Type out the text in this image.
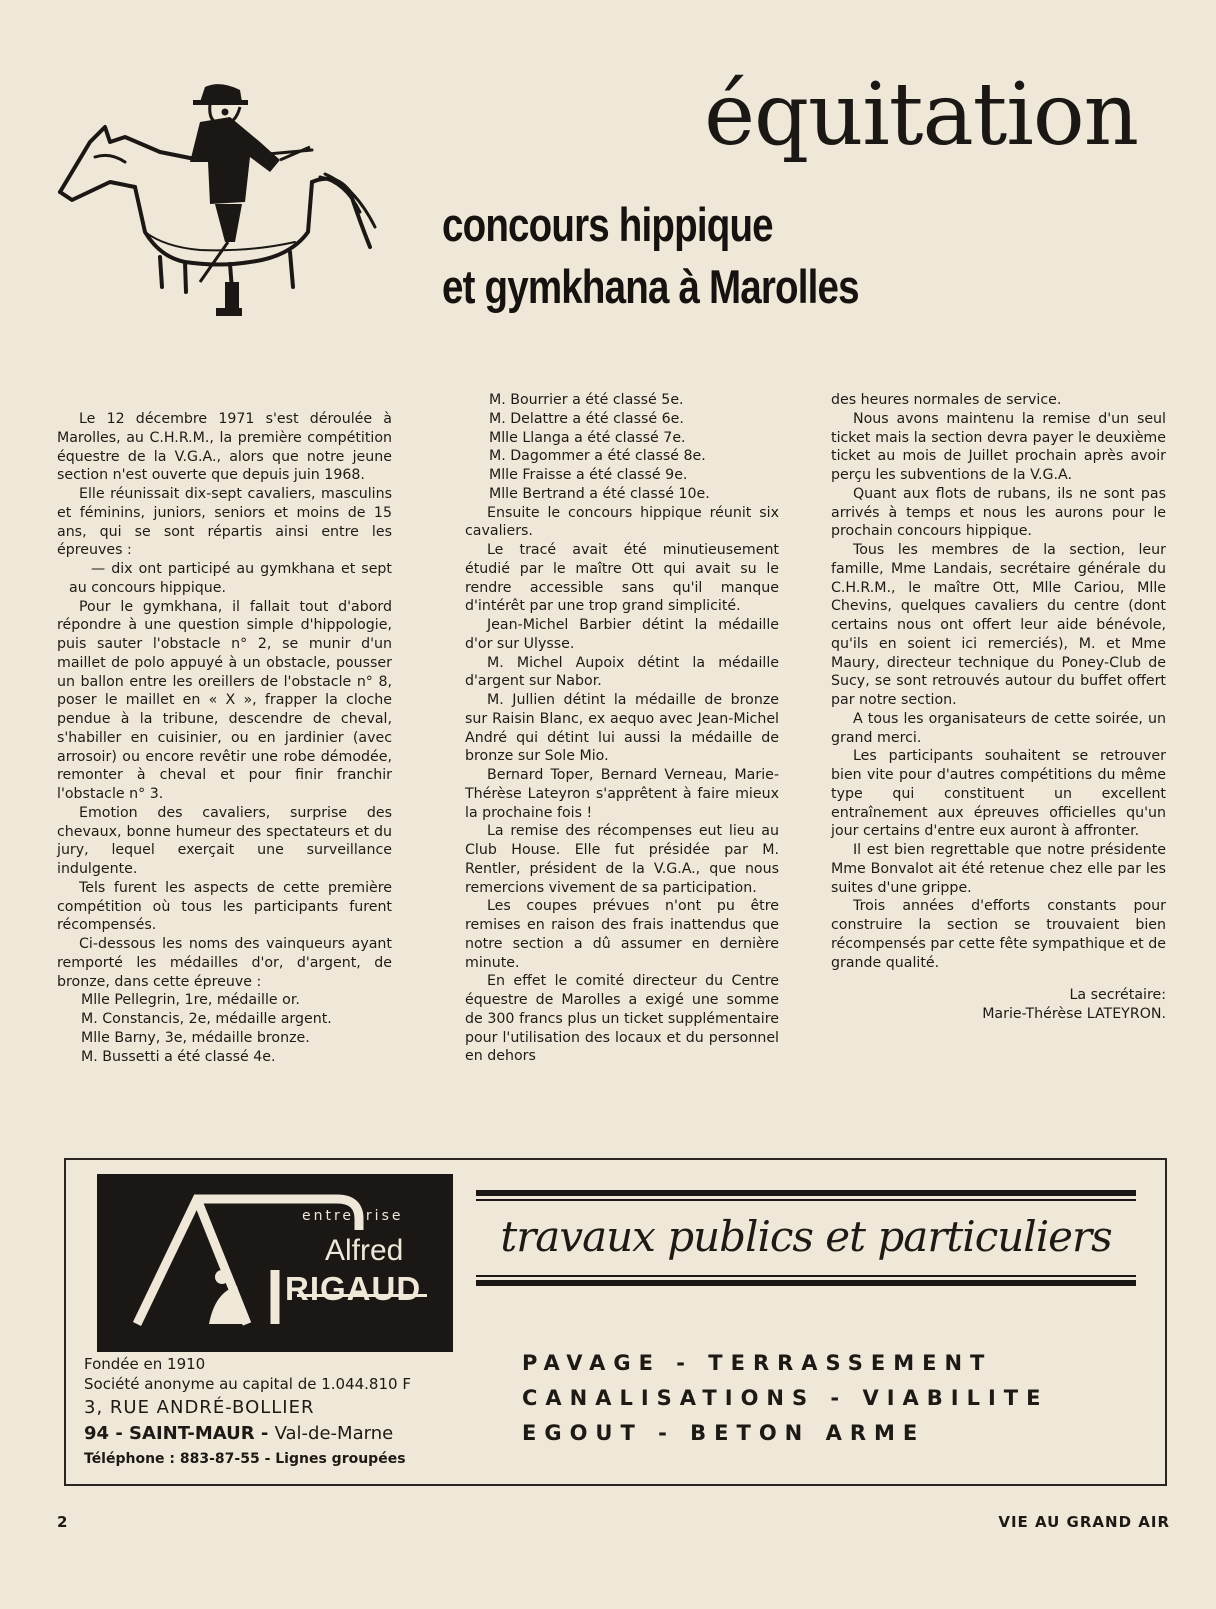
équitation
concours hippique
et gymkhana à Marolles

Le 12 décembre 1971 s'est déroulée à Marolles, au C.H.R.M., la première compétition équestre de la V.G.A., alors que notre jeune section n'est ouverte que depuis juin 1968.

Elle réunissait dix-sept cavaliers, masculins et féminins, juniors, seniors et moins de 15 ans, qui se sont répartis ainsi entre les épreuves :

— dix ont participé au gymkhana et sept au concours hippique.

Pour le gymkhana, il fallait tout d'abord répondre à une question simple d'hippologie, puis sauter l'obstacle n° 2, se munir d'un maillet de polo appuyé à un obstacle, pousser un ballon entre les oreillers de l'obstacle n° 8, poser le maillet en « X », frapper la cloche pendue à la tribune, descendre de cheval, s'habiller en cuisinier, ou en jardinier (avec arrosoir) ou encore revêtir une robe démodée, remonter à cheval et pour finir franchir l'obstacle n° 3.

Emotion des cavaliers, surprise des chevaux, bonne humeur des spectateurs et du jury, lequel exerçait une surveillance indulgente.

Tels furent les aspects de cette première compétition où tous les participants furent récompensés.

Ci-dessous les noms des vainqueurs ayant remporté les médailles d'or, d'argent, de bronze, dans cette épreuve :

Mlle Pellegrin, 1re, médaille or.

M. Constancis, 2e, médaille argent.

Mlle Barny, 3e, médaille bronze.

M. Bussetti a été classé 4e.

M. Bourrier a été classé 5e.

M. Delattre a été classé 6e.

Mlle Llanga a été classé 7e.

M. Dagommer a été classé 8e.

Mlle Fraisse a été classé 9e.

Mlle Bertrand a été classé 10e.

Ensuite le concours hippique réunit six cavaliers.

Le tracé avait été minutieusement étudié par le maître Ott qui avait su le rendre accessible sans qu'il manque d'intérêt par une trop grand simplicité.

Jean-Michel Barbier détint la médaille d'or sur Ulysse.

M. Michel Aupoix détint la médaille d'argent sur Nabor.

M. Jullien détint la médaille de bronze sur Raisin Blanc, ex aequo avec Jean-Michel André qui détint lui aussi la médaille de bronze sur Sole Mio.

Bernard Toper, Bernard Verneau, Marie-Thérèse Lateyron s'apprêtent à faire mieux la prochaine fois !

La remise des récompenses eut lieu au Club House. Elle fut présidée par M. Rentler, président de la V.G.A., que nous remercions vivement de sa participation.

Les coupes prévues n'ont pu être remises en raison des frais inattendus que notre section a dû assumer en dernière minute.

En effet le comité directeur du Centre équestre de Marolles a exigé une somme de 300 francs plus un ticket supplémentaire pour l'utilisation des locaux et du personnel en dehors

des heures normales de service.

Nous avons maintenu la remise d'un seul ticket mais la section devra payer le deuxième ticket au mois de Juillet prochain après avoir perçu les subventions de la V.G.A.

Quant aux flots de rubans, ils ne sont pas arrivés à temps et nous les aurons pour le prochain concours hippique.

Tous les membres de la section, leur famille, Mme Landais, secrétaire générale du C.H.R.M., le maître Ott, Mlle Cariou, Mlle Chevins, quelques cavaliers du centre (dont certains nous ont offert leur aide bénévole, qu'ils en soient ici remerciés), M. et Mme Maury, directeur technique du Poney-Club de Sucy, se sont retrouvés autour du buffet offert par notre section.

A tous les organisateurs de cette soirée, un grand merci.

Les participants souhaitent se retrouver bien vite pour d'autres compétitions du même type qui constituent un excellent entraînement aux épreuves officielles qu'un jour certains d'entre eux auront à affronter.

Il est bien regrettable que notre présidente Mme Bonvalot ait été retenue chez elle par les suites d'une grippe.

Trois années d'efforts constants pour construire la section se trouvaient bien récompensés par cette fête sympathique et de grande qualité.

La secrétaire:
Marie-Thérèse LATEYRON.
entreprise
Alfred
RIGAUD
travaux publics et particuliers
Fondée en 1910
Société anonyme au capital de 1.044.810 F
3, RUE ANDRÉ-BOLLIER
94 - SAINT-MAUR - Val-de-Marne
Téléphone : 883-87-55 - Lignes groupées
PAVAGE - TERRASSEMENT
CANALISATIONS - VIABILITE
EGOUT - BETON ARME
2	VIE AU GRAND AIR
